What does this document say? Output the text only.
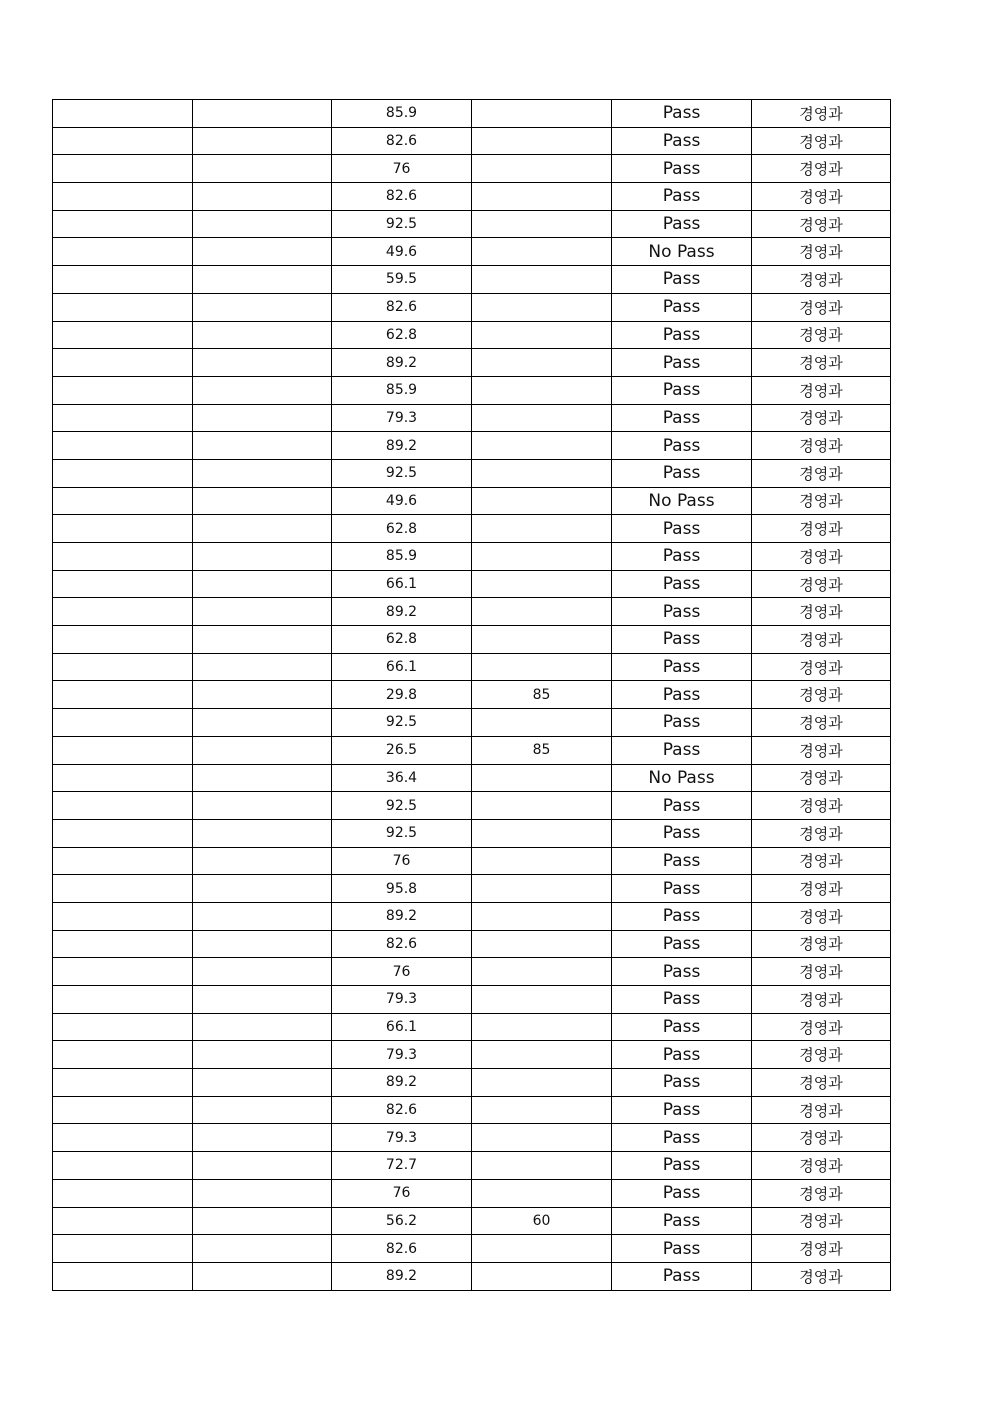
		85.9		Pass	경영과
		82.6		Pass	경영과
		76		Pass	경영과
		82.6		Pass	경영과
		92.5		Pass	경영과
		49.6		No Pass	경영과
		59.5		Pass	경영과
		82.6		Pass	경영과
		62.8		Pass	경영과
		89.2		Pass	경영과
		85.9		Pass	경영과
		79.3		Pass	경영과
		89.2		Pass	경영과
		92.5		Pass	경영과
		49.6		No Pass	경영과
		62.8		Pass	경영과
		85.9		Pass	경영과
		66.1		Pass	경영과
		89.2		Pass	경영과
		62.8		Pass	경영과
		66.1		Pass	경영과
		29.8	85	Pass	경영과
		92.5		Pass	경영과
		26.5	85	Pass	경영과
		36.4		No Pass	경영과
		92.5		Pass	경영과
		92.5		Pass	경영과
		76		Pass	경영과
		95.8		Pass	경영과
		89.2		Pass	경영과
		82.6		Pass	경영과
		76		Pass	경영과
		79.3		Pass	경영과
		66.1		Pass	경영과
		79.3		Pass	경영과
		89.2		Pass	경영과
		82.6		Pass	경영과
		79.3		Pass	경영과
		72.7		Pass	경영과
		76		Pass	경영과
		56.2	60	Pass	경영과
		82.6		Pass	경영과
		89.2		Pass	경영과
